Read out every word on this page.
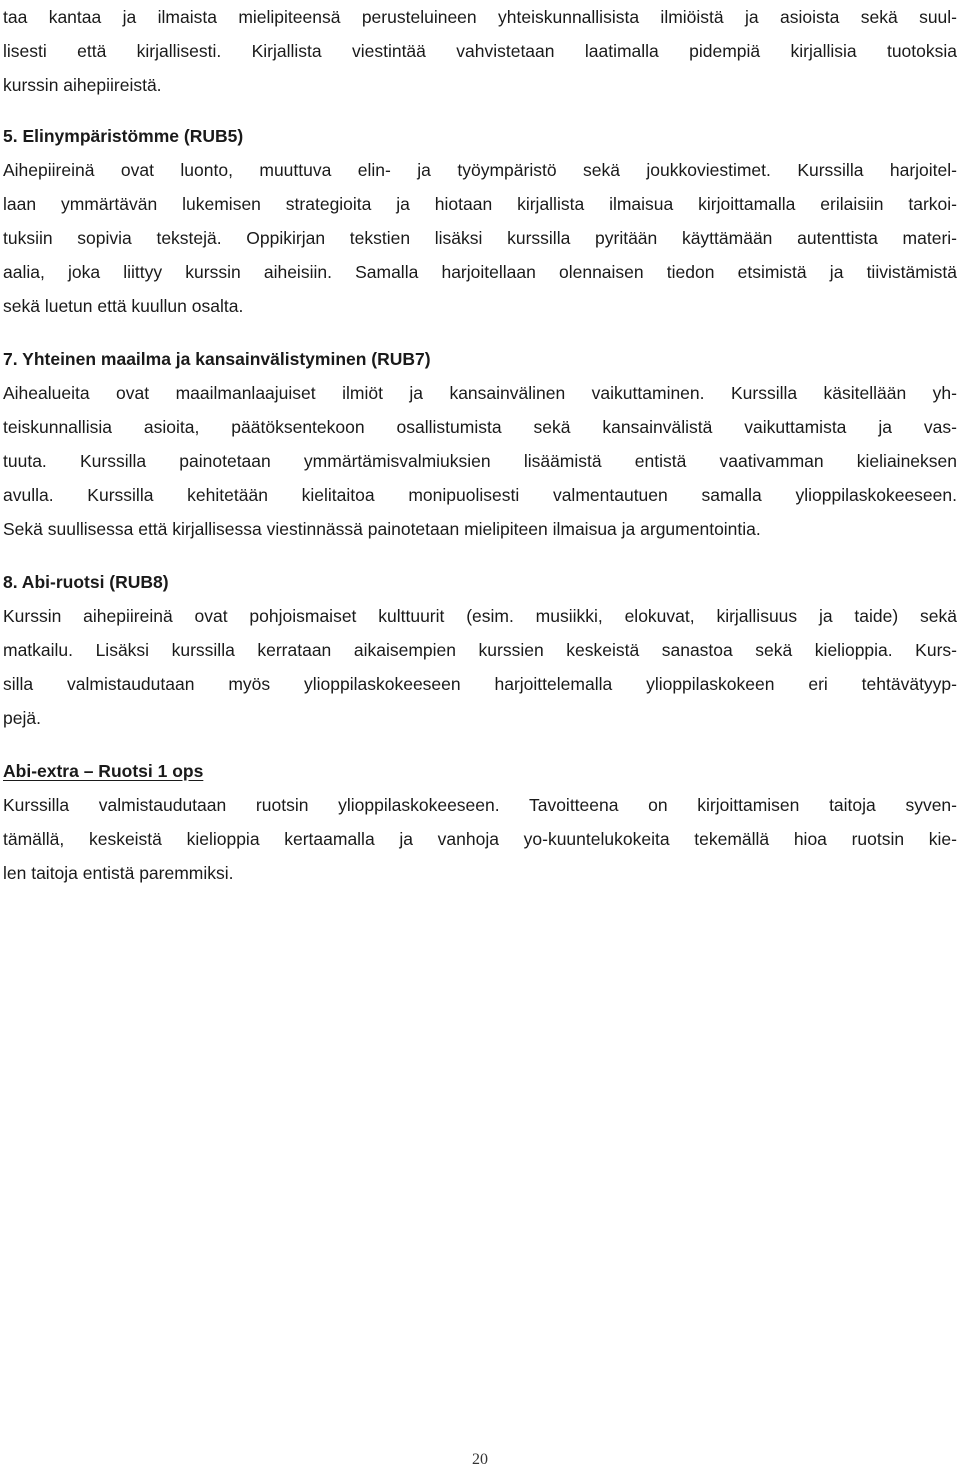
taa kantaa ja ilmaista mielipiteensä perusteluineen yhteiskunnallisista ilmiöistä ja asioista sekä suul-
lisesti että kirjallisesti. Kirjallista viestintää vahvistetaan laatimalla pidempiä kirjallisia tuotoksia
kurssin aihepiireistä.
5. Elinympäristömme (RUB5)
Aihepiireinä ovat luonto, muuttuva elin- ja työympäristö sekä joukkoviestimet. Kurssilla harjoitel-
laan ymmärtävän lukemisen strategioita ja hiotaan kirjallista ilmaisua kirjoittamalla erilaisiin tarkoi-
tuksiin sopivia tekstejä. Oppikirjan tekstien lisäksi kurssilla pyritään käyttämään autenttista materi-
aalia, joka liittyy kurssin aiheisiin. Samalla harjoitellaan olennaisen tiedon etsimistä ja tiivistämistä
sekä luetun että kuullun osalta.
7. Yhteinen maailma ja kansainvälistyminen (RUB7)
Aihealueita ovat maailmanlaajuiset ilmiöt ja kansainvälinen vaikuttaminen. Kurssilla käsitellään yh-
teiskunnallisia asioita, päätöksentekoon osallistumista sekä kansainvälistä vaikuttamista ja vas-
tuuta. Kurssilla painotetaan ymmärtämisvalmiuksien lisäämistä entistä vaativamman kieliaineksen
avulla. Kurssilla kehitetään kielitaitoa monipuolisesti valmentautuen samalla ylioppilaskokeeseen.
Sekä suullisessa että kirjallisessa viestinnässä painotetaan mielipiteen ilmaisua ja argumentointia.
8. Abi-ruotsi (RUB8)
Kurssin aihepiireinä ovat pohjoismaiset kulttuurit (esim. musiikki, elokuvat, kirjallisuus ja taide) sekä
matkailu. Lisäksi kurssilla kerrataan aikaisempien kurssien keskeistä sanastoa sekä kielioppia. Kurs-
silla valmistaudutaan myös ylioppilaskokeeseen harjoittelemalla ylioppilaskokeen eri tehtävätyyp-
pejä.
Abi-extra – Ruotsi 1 ops
Kurssilla valmistaudutaan ruotsin ylioppilaskokeeseen. Tavoitteena on kirjoittamisen taitoja syven-
tämällä, keskeistä kielioppia kertaamalla ja vanhoja yo-kuuntelukokeita tekemällä hioa ruotsin kie-
len taitoja entistä paremmiksi.
20
